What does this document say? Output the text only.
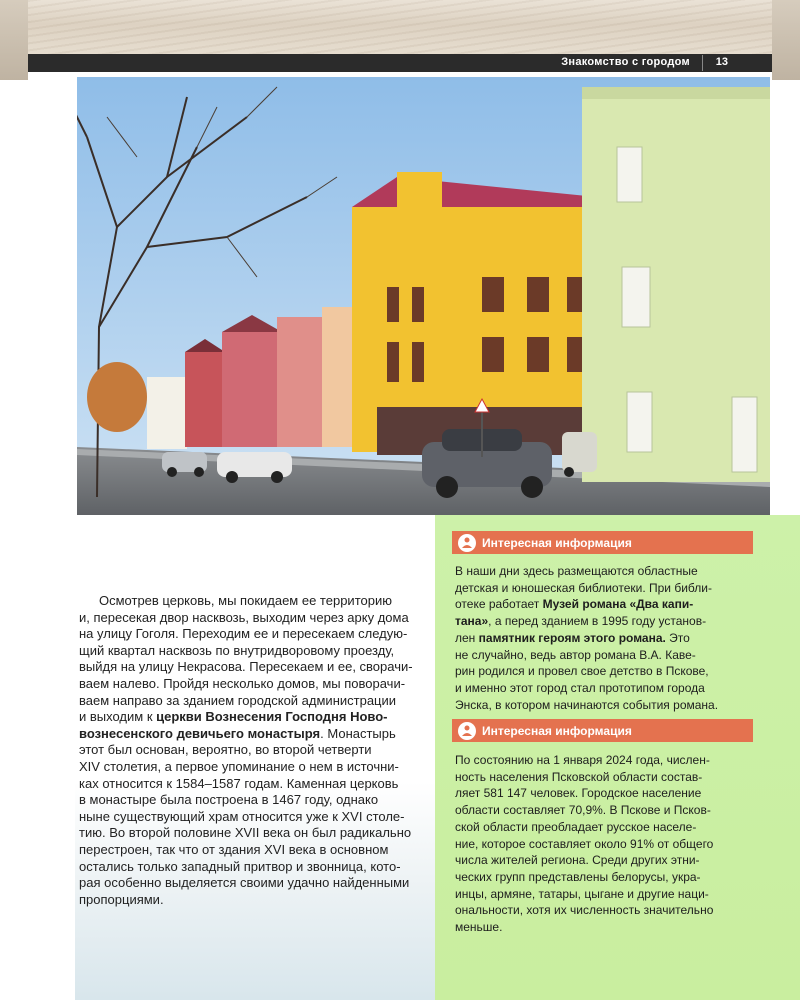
Знакомство с городом 13
Осмотрев церковь, мы покидаем ее территорию
и, пересекая двор насквозь, выходим через арку дома
на улицу Гоголя. Переходим ее и пересекаем следую-
щий квартал насквозь по внутридворовому проезду,
выйдя на улицу Некрасова. Пересекаем и ее, сворачи-
ваем налево. Пройдя несколько домов, мы поворачи-
ваем направо за зданием городской администрации
и выходим к церкви Вознесения Господня Ново-
вознесенского девичьего монастыря. Монастырь
этот был основан, вероятно, во второй четверти
XIV столетия, а первое упоминание о нем в источни-
ках относится к 1584–1587 годам. Каменная церковь
в монастыре была построена в 1467 году, однако
ныне существующий храм относится уже к XVI столе-
тию. Во второй половине XVII века он был радикально
перестроен, так что от здания XVI века в основном
остались только западный притвор и звонница, кото-
рая особенно выделяется своими удачно найденными
пропорциями.
Интересная информация
В наши дни здесь размещаются областные
детская и юношеская библиотеки. При библи-
отеке работает Музей романа «Два капи-
тана», а перед зданием в 1995 году установ-
лен памятник героям этого романа. Это
не случайно, ведь автор романа В.А. Каве-
рин родился и провел свое детство в Пскове,
и именно этот город стал прототипом города
Энска, в котором начинаются события романа.
Интересная информация
По состоянию на 1 января 2024 года, числен-
ность населения Псковской области состав-
ляет 581 147 человек. Городское население
области составляет 70,9%. В Пскове и Псков-
ской области преобладает русское населе-
ние, которое составляет около 91% от общего
числа жителей региона. Среди других этни-
ческих групп представлены белорусы, укра-
инцы, армяне, татары, цыгане и другие наци-
ональности, хотя их численность значительно
меньше.
